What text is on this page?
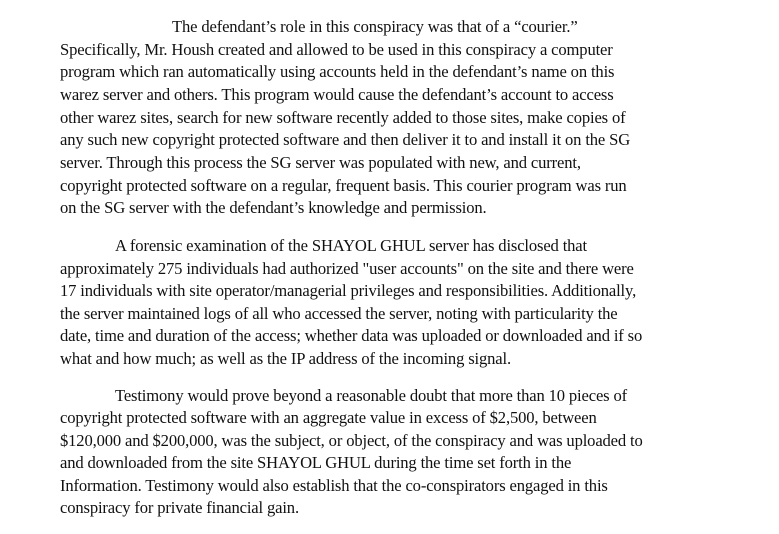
The defendant’s role in this conspiracy was that of a “courier.”
Specifically, Mr. Housh created and allowed to be used in this conspiracy a computer
program which ran automatically using accounts held in the defendant’s name on this
warez server and others. This program would cause the defendant’s account to access
other warez sites, search for new software recently added to those sites, make copies of
any such new copyright protected software and then deliver it to and install it on the SG
server. Through this process the SG server was populated with new, and current,
copyright protected software on a regular, frequent basis. This courier program was run
on the SG server with the defendant’s knowledge and permission.
A forensic examination of the SHAYOL GHUL server has disclosed that
approximately 275 individuals had authorized "user accounts" on the site and there were
17 individuals with site operator/managerial privileges and responsibilities. Additionally,
the server maintained logs of all who accessed the server, noting with particularity the
date, time and duration of the access; whether data was uploaded or downloaded and if so
what and how much; as well as the IP address of the incoming signal.
Testimony would prove beyond a reasonable doubt that more than 10 pieces of
copyright protected software with an aggregate value in excess of $2,500, between
$120,000 and $200,000, was the subject, or object, of the conspiracy and was uploaded to
and downloaded from the site SHAYOL GHUL during the time set forth in the
Information. Testimony would also establish that the co-conspirators engaged in this
conspiracy for private financial gain.
